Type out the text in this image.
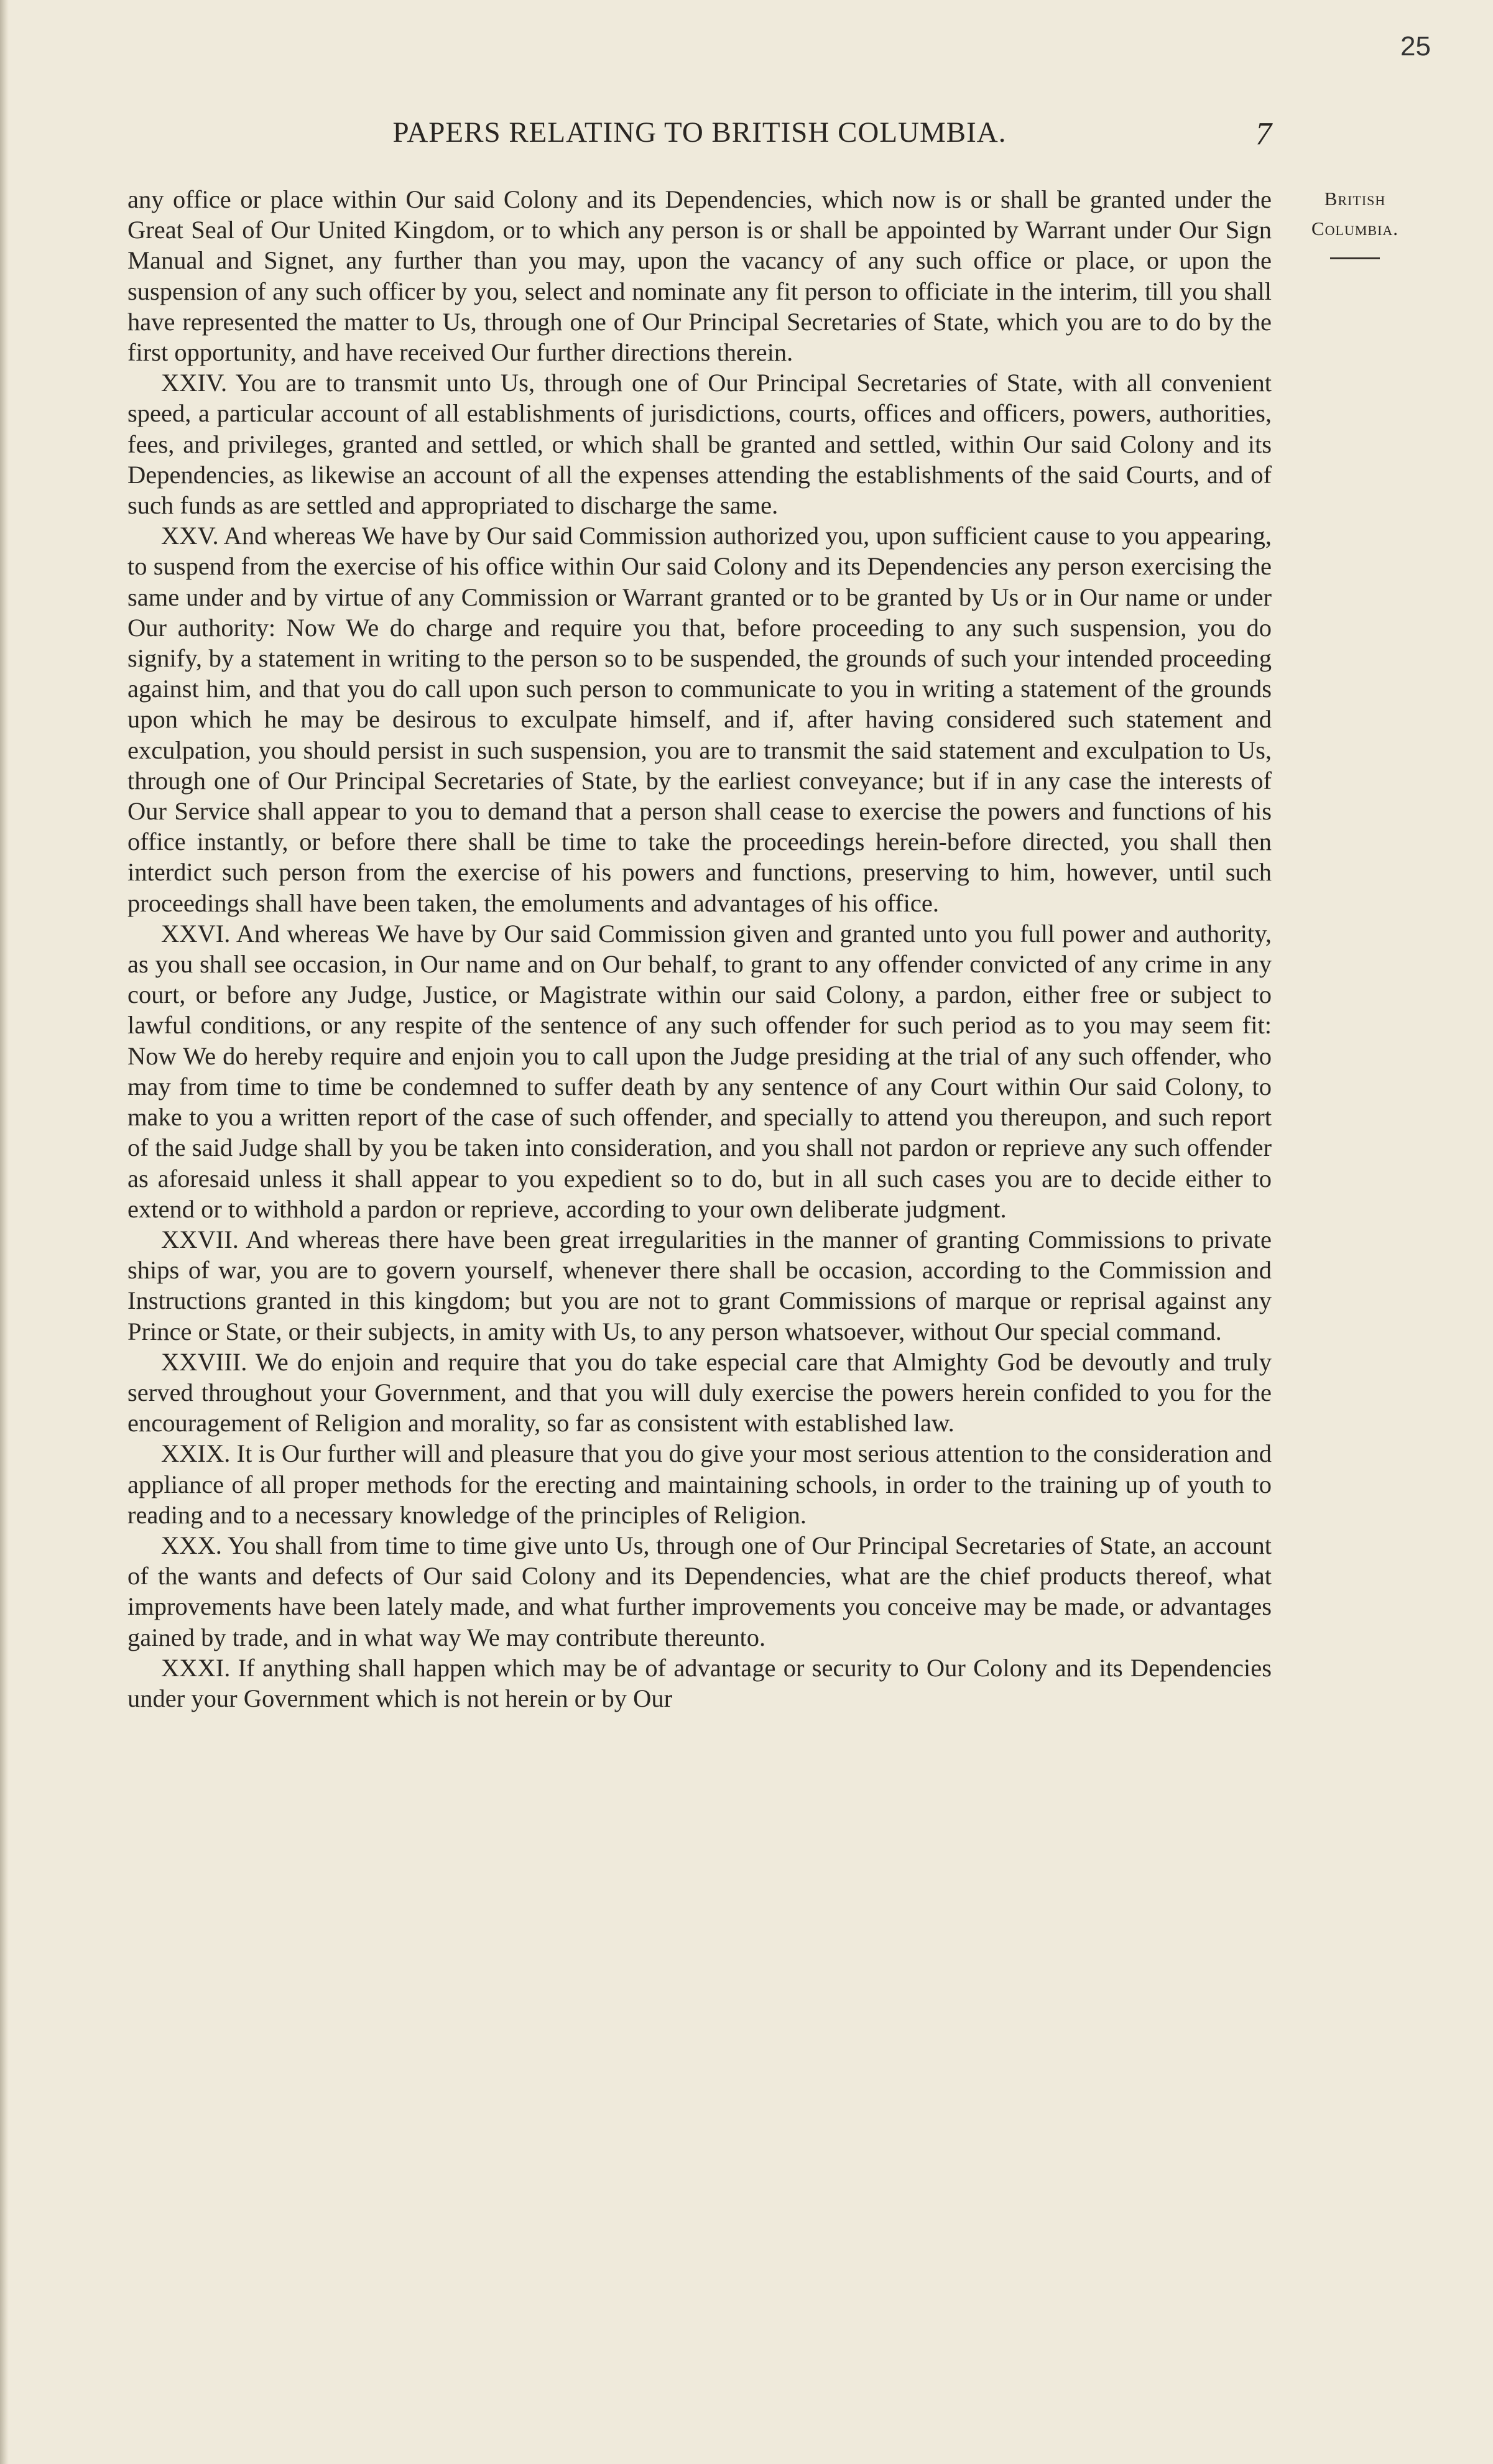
25
PAPERS RELATING TO BRITISH COLUMBIA.	7
British
Columbia.

any office or place within Our said Colony and its Dependencies, which now is or shall be granted under the Great Seal of Our United Kingdom, or to which any person is or shall be appointed by Warrant under Our Sign Manual and Signet, any further than you may, upon the vacancy of any such office or place, or upon the suspension of any such officer by you, select and nominate any fit person to officiate in the interim, till you shall have represented the matter to Us, through one of Our Principal Secretaries of State, which you are to do by the first opportunity, and have received Our further directions therein.

XXIV. You are to transmit unto Us, through one of Our Principal Secretaries of State, with all convenient speed, a particular account of all establishments of jurisdictions, courts, offices and officers, powers, authorities, fees, and privileges, granted and settled, or which shall be granted and settled, within Our said Colony and its Dependencies, as likewise an account of all the expenses attending the establishments of the said Courts, and of such funds as are settled and appropriated to discharge the same.

XXV. And whereas We have by Our said Commission authorized you, upon sufficient cause to you appearing, to suspend from the exercise of his office within Our said Colony and its Dependencies any person exercising the same under and by virtue of any Commission or Warrant granted or to be granted by Us or in Our name or under Our authority: Now We do charge and require you that, before proceeding to any such suspension, you do signify, by a statement in writing to the person so to be suspended, the grounds of such your intended proceeding against him, and that you do call upon such person to communicate to you in writing a statement of the grounds upon which he may be desirous to exculpate himself, and if, after having considered such statement and exculpation, you should persist in such suspension, you are to transmit the said statement and exculpation to Us, through one of Our Principal Secretaries of State, by the earliest conveyance; but if in any case the interests of Our Service shall appear to you to demand that a person shall cease to exercise the powers and functions of his office instantly, or before there shall be time to take the proceedings herein-before directed, you shall then interdict such person from the exercise of his powers and functions, preserving to him, however, until such proceedings shall have been taken, the emoluments and advantages of his office.

XXVI. And whereas We have by Our said Commission given and granted unto you full power and authority, as you shall see occasion, in Our name and on Our behalf, to grant to any offender convicted of any crime in any court, or before any Judge, Justice, or Magistrate within our said Colony, a pardon, either free or subject to lawful conditions, or any respite of the sentence of any such offender for such period as to you may seem fit: Now We do hereby require and enjoin you to call upon the Judge presiding at the trial of any such offender, who may from time to time be condemned to suffer death by any sentence of any Court within Our said Colony, to make to you a written report of the case of such offender, and specially to attend you thereupon, and such report of the said Judge shall by you be taken into consideration, and you shall not pardon or reprieve any such offender as aforesaid unless it shall appear to you expedient so to do, but in all such cases you are to decide either to extend or to withhold a pardon or reprieve, according to your own deliberate judgment.

XXVII. And whereas there have been great irregularities in the manner of granting Commissions to private ships of war, you are to govern yourself, whenever there shall be occasion, according to the Commission and Instructions granted in this kingdom; but you are not to grant Commissions of marque or reprisal against any Prince or State, or their subjects, in amity with Us, to any person whatsoever, without Our special command.

XXVIII. We do enjoin and require that you do take especial care that Almighty God be devoutly and truly served throughout your Government, and that you will duly exercise the powers herein confided to you for the encouragement of Religion and morality, so far as consistent with established law.

XXIX. It is Our further will and pleasure that you do give your most serious attention to the consideration and appliance of all proper methods for the erecting and maintaining schools, in order to the training up of youth to reading and to a necessary knowledge of the principles of Religion.

XXX. You shall from time to time give unto Us, through one of Our Principal Secretaries of State, an account of the wants and defects of Our said Colony and its Dependencies, what are the chief products thereof, what improvements have been lately made, and what further improvements you conceive may be made, or advantages gained by trade, and in what way We may contribute thereunto.

XXXI. If anything shall happen which may be of advantage or security to Our Colony and its Dependencies under your Government which is not herein or by Our
